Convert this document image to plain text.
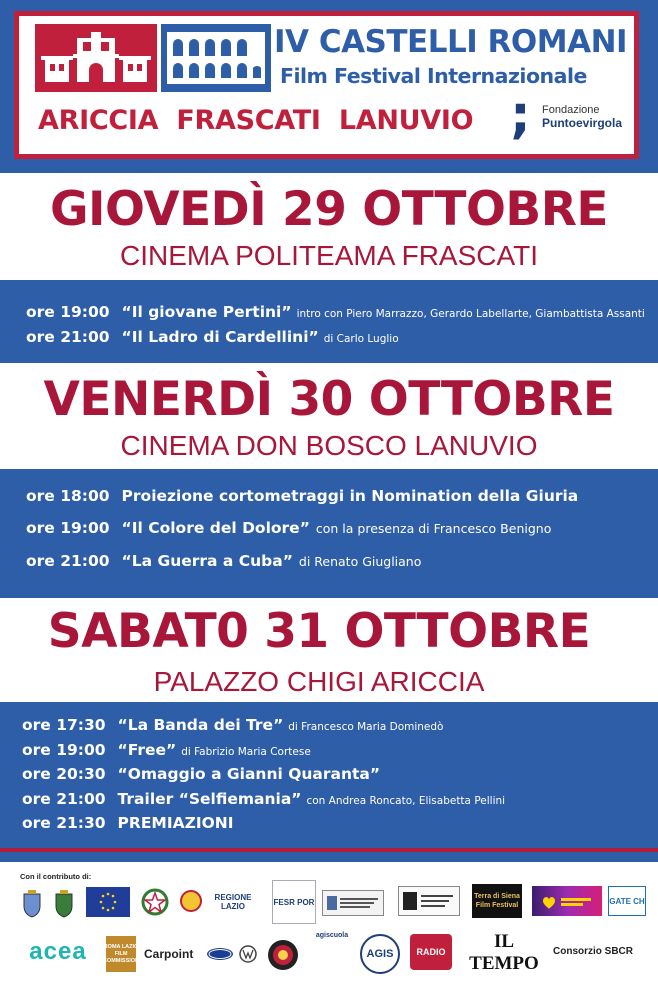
IV CASTELLI ROMANI
Film Festival Internazionale
ARICCIA  FRASCATI  LANUVIO ; Fondazione
Puntoevirgola
GIOVEDÌ 29 OTTOBRE
CINEMA POLITEAMA FRASCATI
ore 19:00 “Il giovane Pertini” intro con Piero Marrazzo, Gerardo Labellarte, Giambattista Assanti
ore 21:00 “Il Ladro di Cardellini” di Carlo Luglio
VENERDÌ 30 OTTOBRE
CINEMA DON BOSCO LANUVIO
ore 18:00 Proiezione cortometraggi in Nomination della Giuria
ore 19:00 “Il Colore del Dolore” con la presenza di Francesco Benigno
ore 21:00 “La Guerra a Cuba” di Renato Giugliano
SABAT0 31 OTTOBRE
PALAZZO CHIGI ARICCIA
ore 17:30 “La Banda dei Tre” di Francesco Maria Dominedò
ore 19:00 “Free” di Fabrizio Maria Cortese
ore 20:30 “Omaggio a Gianni Quaranta”
ore 21:00 Trailer “Selfiemania” con Andrea Roncato, Elisabetta Pellini
ore 21:30 PREMIAZIONI
Con il contributo di:
REGIONE LAZIO	FESR POR
Terra di Siena Film Festival	GATE CH
acea	ROMA LAZIO FILM COMMISSION Carpoint
agiscuola
AGIS	RADIO	IL TEMPO
Consorzio SBCR
